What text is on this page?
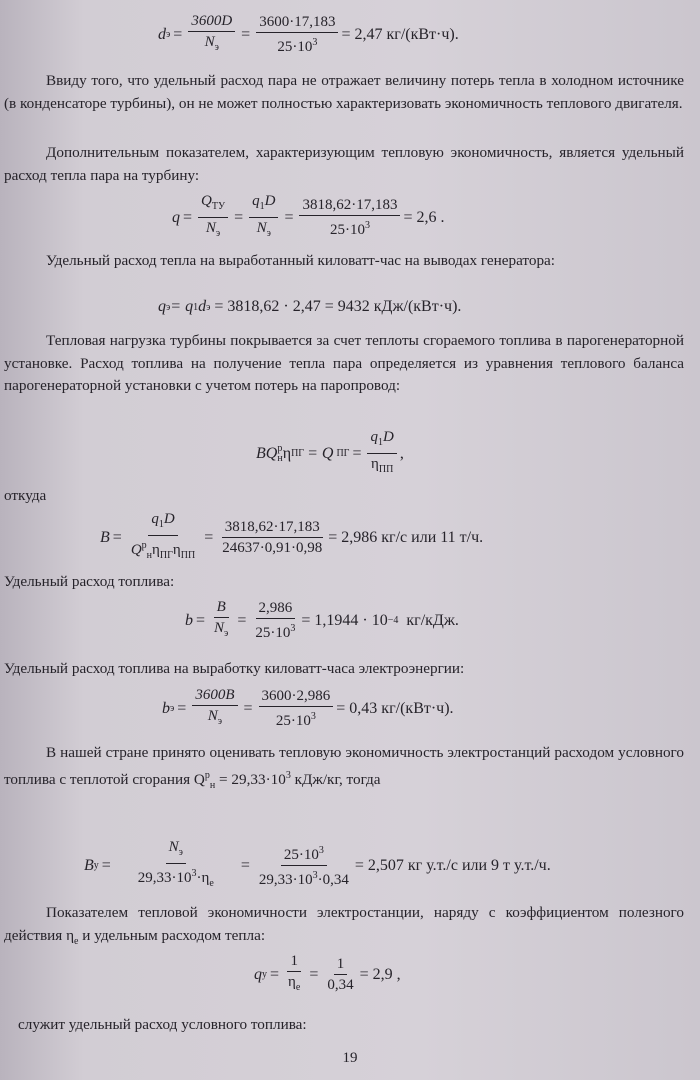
d $э = \frac{3600D}{N_э} = \frac{3600\cdot 17,183}{25\cdot 10^3} = 2,47$ кг/(кВт·ч).
Ввиду того, что удельный расход пара не отражает величину потерь тепла в холодном источнике (в конденсаторе турбины), он не может полностью характеризовать экономичность теплового двигателя.
Дополнительным показателем, характеризующим тепловую экономичность, является удельный расход тепла пара на турбину:
$q = \frac{Q_{ТУ}}{N_э} = \frac{q_1D}{N_э} = \frac{3818,62\cdot 17,183}{25\cdot 10^3} = 2,6$ .
Удельный расход тепла на выработанный киловатт-час на выводах генератора:
q э = q 1 d э = 3818,62 · 2,47 = 9432 кДж/(кВт·ч).
Тепловая нагрузка турбины покрывается за счет теплоты сгораемого топлива в парогенераторной установке. Расход топлива на получение тепла пара определяется из уравнения теплового баланса парогенераторной установки с учетом потерь на паропровод:
BQ р
н η ПГ = Q ПГ = $\frac{q_1D}{\eta_{ПП}}$ ,
откуда
$B = \frac{q_1D}{Q^р_н\eta_{ПГ}\eta_{ПП}} = \frac{3818,62\cdot 17,183}{24637\cdot 0,91\cdot 0,98} = 2,986$ кг/с или 11 т/ч.
Удельный расход топлива:
$b = \frac{B}{N_э} = \frac{2,986}{25\cdot 10^3} = 1,1944 \cdot 10 -4$ кг/кДж.
Удельный расход топлива на выработку киловатт-часа электроэнергии:
b $э = \frac{3600B}{N_э} = \frac{3600\cdot 2,986}{25\cdot 10^3} = 0,43$ кг/(кВт·ч).
В нашей стране принято оценивать тепловую экономичность электростанций расходом условного топлива с теплотой сгорания $Q^р_н = 29,33\cdot 10^3$ кДж/кг, тогда
B $у = \frac{N_э}{29,33\cdot 10^3\cdot\eta_e} = \frac{25\cdot 10^3}{29,33\cdot 10^3\cdot 0,34} = 2,507$ кг у.т./с или 9 т у.т./ч.
Показателем тепловой экономичности электростанции, наряду с коэффициентом полезного действия $\eta_e$ и удельным расходом тепла:
q $у = \frac{1}{\eta_e} = \frac{1}{0,34} = 2,9$ ,
служит удельный расход условного топлива:
19
